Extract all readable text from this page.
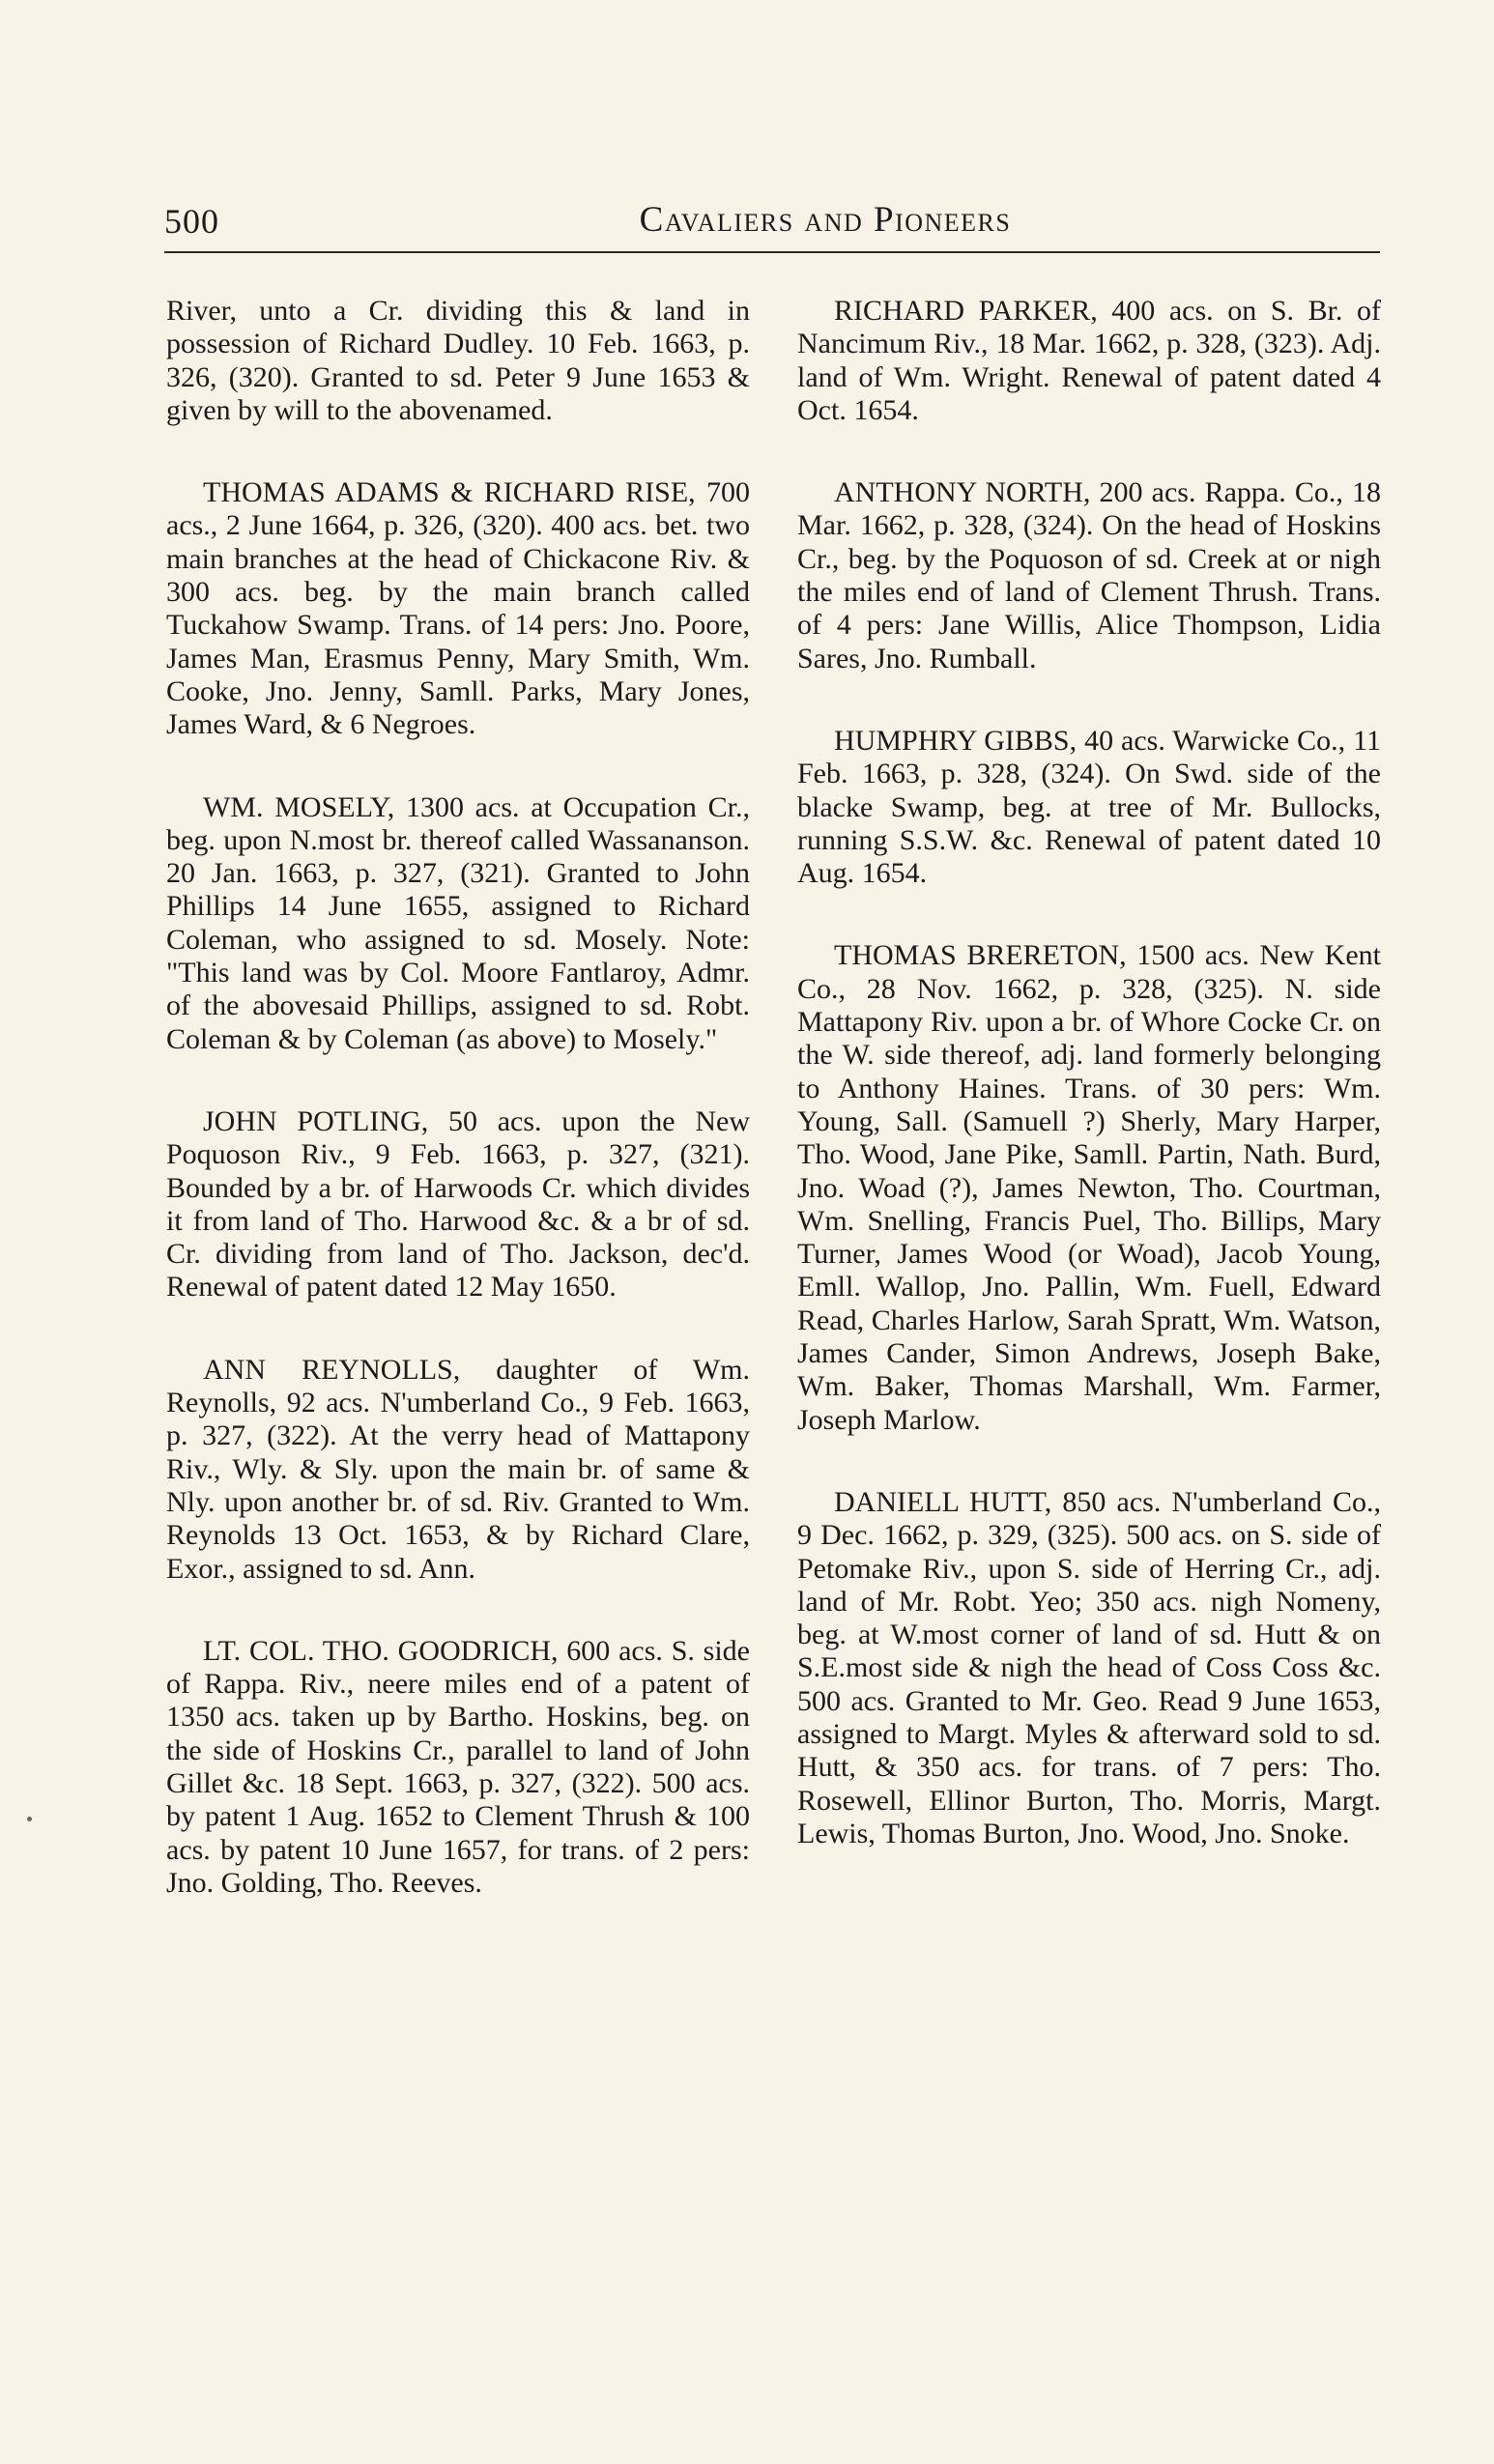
500	Cavaliers and Pioneers

River, unto a Cr. dividing this & land in possession of Richard Dudley. 10 Feb. 1663, p. 326, (320). Granted to sd. Peter 9 June 1653 & given by will to the abovenamed.

THOMAS ADAMS & RICHARD RISE, 700 acs., 2 June 1664, p. 326, (320). 400 acs. bet. two main branches at the head of Chickacone Riv. & 300 acs. beg. by the main branch called Tuckahow Swamp. Trans. of 14 pers: Jno. Poore, James Man, Erasmus Penny, Mary Smith, Wm. Cooke, Jno. Jenny, Samll. Parks, Mary Jones, James Ward, & 6 Negroes.

WM. MOSELY, 1300 acs. at Occupation Cr., beg. upon N.most br. thereof called Wassananson. 20 Jan. 1663, p. 327, (321). Granted to John Phillips 14 June 1655, assigned to Richard Coleman, who assigned to sd. Mosely. Note: "This land was by Col. Moore Fantlaroy, Admr. of the abovesaid Phillips, assigned to sd. Robt. Coleman & by Coleman (as above) to Mosely."

JOHN POTLING, 50 acs. upon the New Poquoson Riv., 9 Feb. 1663, p. 327, (321). Bounded by a br. of Harwoods Cr. which divides it from land of Tho. Harwood &c. & a br of sd. Cr. dividing from land of Tho. Jackson, dec'd. Renewal of patent dated 12 May 1650.

ANN REYNOLLS, daughter of Wm. Reynolls, 92 acs. N'umberland Co., 9 Feb. 1663, p. 327, (322). At the verry head of Mattapony Riv., Wly. & Sly. upon the main br. of same & Nly. upon another br. of sd. Riv. Granted to Wm. Reynolds 13 Oct. 1653, & by Richard Clare, Exor., assigned to sd. Ann.

LT. COL. THO. GOODRICH, 600 acs. S. side of Rappa. Riv., neere miles end of a patent of 1350 acs. taken up by Bartho. Hoskins, beg. on the side of Hoskins Cr., parallel to land of John Gillet &c. 18 Sept. 1663, p. 327, (322). 500 acs. by patent 1 Aug. 1652 to Clement Thrush & 100 acs. by patent 10 June 1657, for trans. of 2 pers: Jno. Golding, Tho. Reeves.

RICHARD PARKER, 400 acs. on S. Br. of Nancimum Riv., 18 Mar. 1662, p. 328, (323). Adj. land of Wm. Wright. Renewal of patent dated 4 Oct. 1654.

ANTHONY NORTH, 200 acs. Rappa. Co., 18 Mar. 1662, p. 328, (324). On the head of Hoskins Cr., beg. by the Poquoson of sd. Creek at or nigh the miles end of land of Clement Thrush. Trans. of 4 pers: Jane Willis, Alice Thompson, Lidia Sares, Jno. Rumball.

HUMPHRY GIBBS, 40 acs. Warwicke Co., 11 Feb. 1663, p. 328, (324). On Swd. side of the blacke Swamp, beg. at tree of Mr. Bullocks, running S.S.W. &c. Renewal of patent dated 10 Aug. 1654.

THOMAS BRERETON, 1500 acs. New Kent Co., 28 Nov. 1662, p. 328, (325). N. side Mattapony Riv. upon a br. of Whore Cocke Cr. on the W. side thereof, adj. land formerly belonging to Anthony Haines. Trans. of 30 pers: Wm. Young, Sall. (Samuell ?) Sherly, Mary Harper, Tho. Wood, Jane Pike, Samll. Partin, Nath. Burd, Jno. Woad (?), James Newton, Tho. Courtman, Wm. Snelling, Francis Puel, Tho. Billips, Mary Turner, James Wood (or Woad), Jacob Young, Emll. Wallop, Jno. Pallin, Wm. Fuell, Edward Read, Charles Harlow, Sarah Spratt, Wm. Watson, James Cander, Simon Andrews, Joseph Bake, Wm. Baker, Thomas Marshall, Wm. Farmer, Joseph Marlow.

DANIELL HUTT, 850 acs. N'umberland Co., 9 Dec. 1662, p. 329, (325). 500 acs. on S. side of Petomake Riv., upon S. side of Herring Cr., adj. land of Mr. Robt. Yeo; 350 acs. nigh Nomeny, beg. at W.most corner of land of sd. Hutt & on S.E.most side & nigh the head of Coss Coss &c. 500 acs. Granted to Mr. Geo. Read 9 June 1653, assigned to Margt. Myles & afterward sold to sd. Hutt, & 350 acs. for trans. of 7 pers: Tho. Rosewell, Ellinor Burton, Tho. Morris, Margt. Lewis, Thomas Burton, Jno. Wood, Jno. Snoke.
